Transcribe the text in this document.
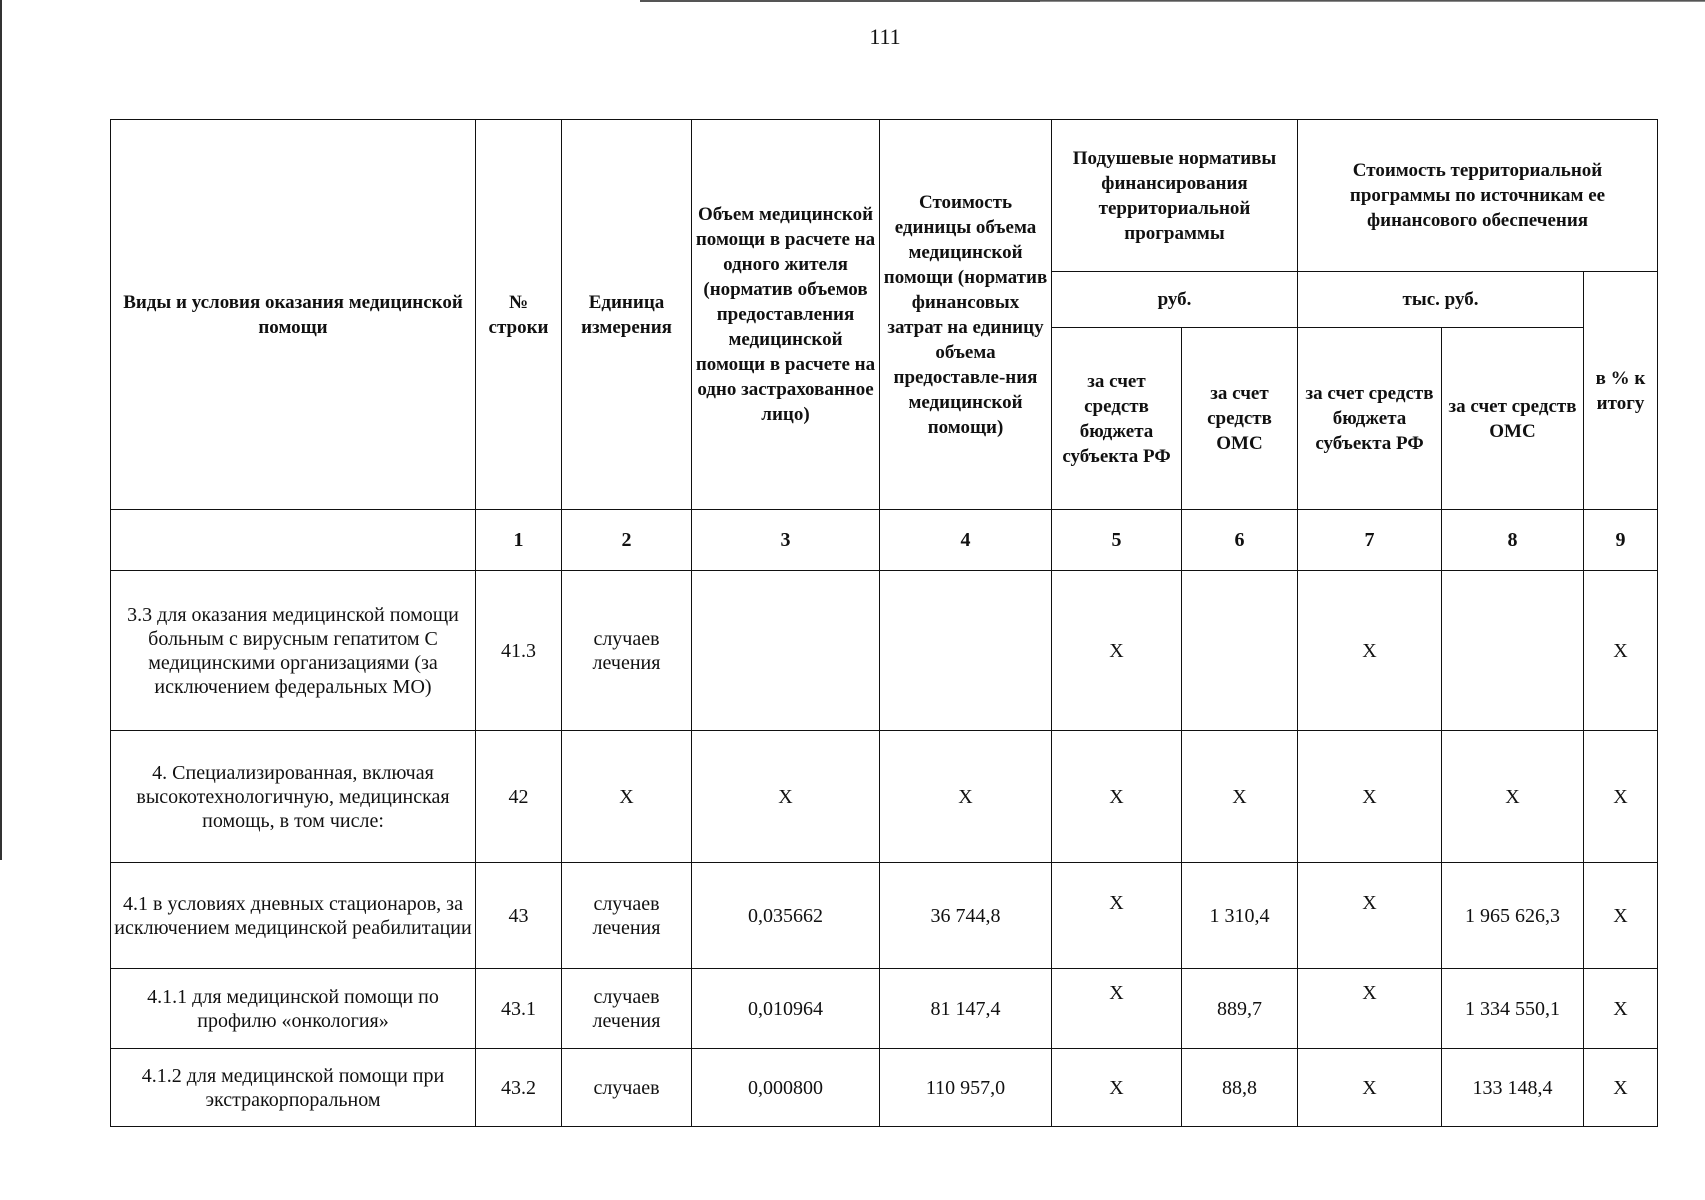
111
Виды и условия оказания медицинской помощи	№ строки	Единица измерения	Объем медицинской помощи в расчете на одного жителя (норматив объемов предоставления медицинской помощи в расчете на одно застрахованное лицо)	Стоимость единицы объема медицинской помощи (норматив финансовых затрат на единицу объема предоставле-ния медицинской помощи)	Подушевые нормативы финансирования территориальной программы		Стоимость территориальной программы по источникам ее финансового обеспечения		
					руб.		тыс. руб.		в % к итогу
					за счет средств бюджета субъекта РФ	за счет средств ОМС	за счет средств бюджета субъекта РФ	за счет средств ОМС	
	1	2	3	4	5	6	7	8	9
3.3 для оказания медицинской помощи больным с вирусным гепатитом С медицинскими организациями (за исключением федеральных МО)	41.3	случаев лечения			Х		Х		Х
4. Специализированная, включая высокотехнологичную, медицинская помощь, в том числе:	42	Х	Х	Х	Х	Х	Х	Х	Х
4.1 в условиях дневных стационаров, за исключением медицинской реабилитации	43	случаев лечения	0,035662	36 744,8	Х	1 310,4	Х	1 965 626,3	Х
4.1.1 для медицинской помощи по профилю «онкология»	43.1	случаев лечения	0,010964	81 147,4	Х	889,7	Х	1 334 550,1	Х
4.1.2 для медицинской помощи при экстракорпоральном	43.2	случаев	0,000800	110 957,0	Х	88,8	Х	133 148,4	Х
